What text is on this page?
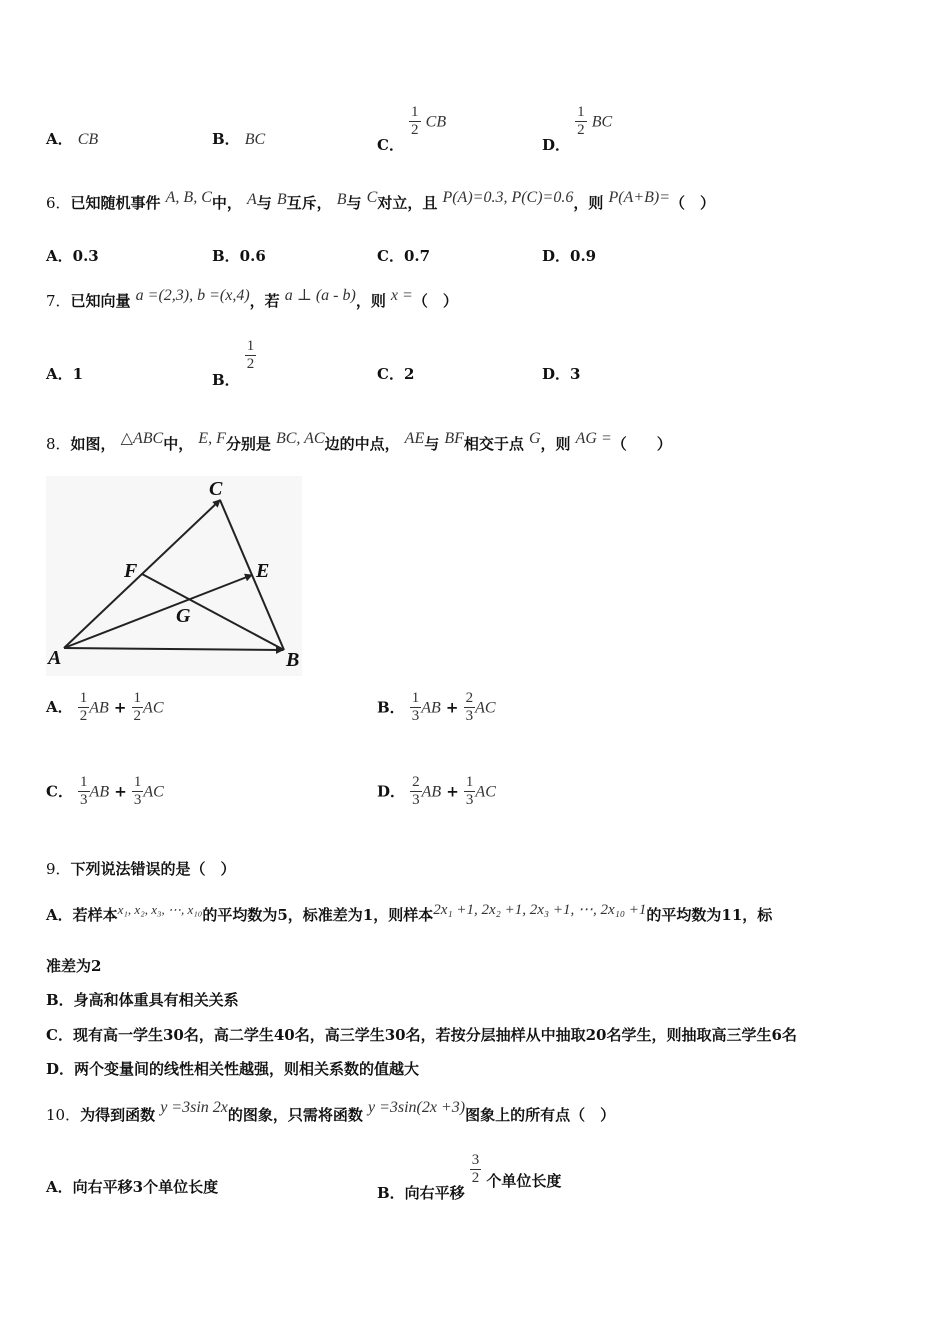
A． CB	B． BC	C．
$\frac{1}{2}$ CB
D．
$\frac{1}{2}$ BC
6．已知随机事件 A, B, C中， A与 B互斥， B与 C对立，且 P(A)=0.3, P(C)=0.6，则 P(A+B)=（　）
A．0.3	B．0.6	C．0.7	D．0.9
7．已知向量 a =(2,3), b =(x,4)，若 a ⊥ (a - b)，则 x =（　）
A．1	B．
$\frac{1}{2}$
C．2	D．3
8．如图， △ABC中， E, F分别是 BC, AC边的中点， AE与 BF相交于点 G，则 AG =（　　）
C
F	E
G
A	B
A． $\frac{1}{2}$ AB + $\frac{1}{2}$ AC	B． $\frac{1}{3}$ AB + $\frac{2}{3}$ AC
C． $\frac{1}{3}$ AB + $\frac{1}{3}$ AC	D． $\frac{2}{3}$ AB + $\frac{1}{3}$ AC
9．下列说法错误的是（　）
A．若样本$^{x_1, x_2, x_3, \cdots, x_{10}}$的平均数为5，标准差为1，则样本2x₁ +1, 2x₂ +1, 2x₃ +1, ⋯, 2x₁₀ +1的平均数为11，标
准差为2
B．身高和体重具有相关关系
C．现有高一学生30名，高二学生40名，高三学生30名，若按分层抽样从中抽取20名学生，则抽取高三学生6名
D．两个变量间的线性相关性越强，则相关系数的值越大
10．为得到函数 y =3sin 2x的图象，只需将函数 y =3sin(2x +3)图象上的所有点（　）
A．向右平移3个单位长度	B．向右平移
$\frac{3}{2}$ 个单位长度
